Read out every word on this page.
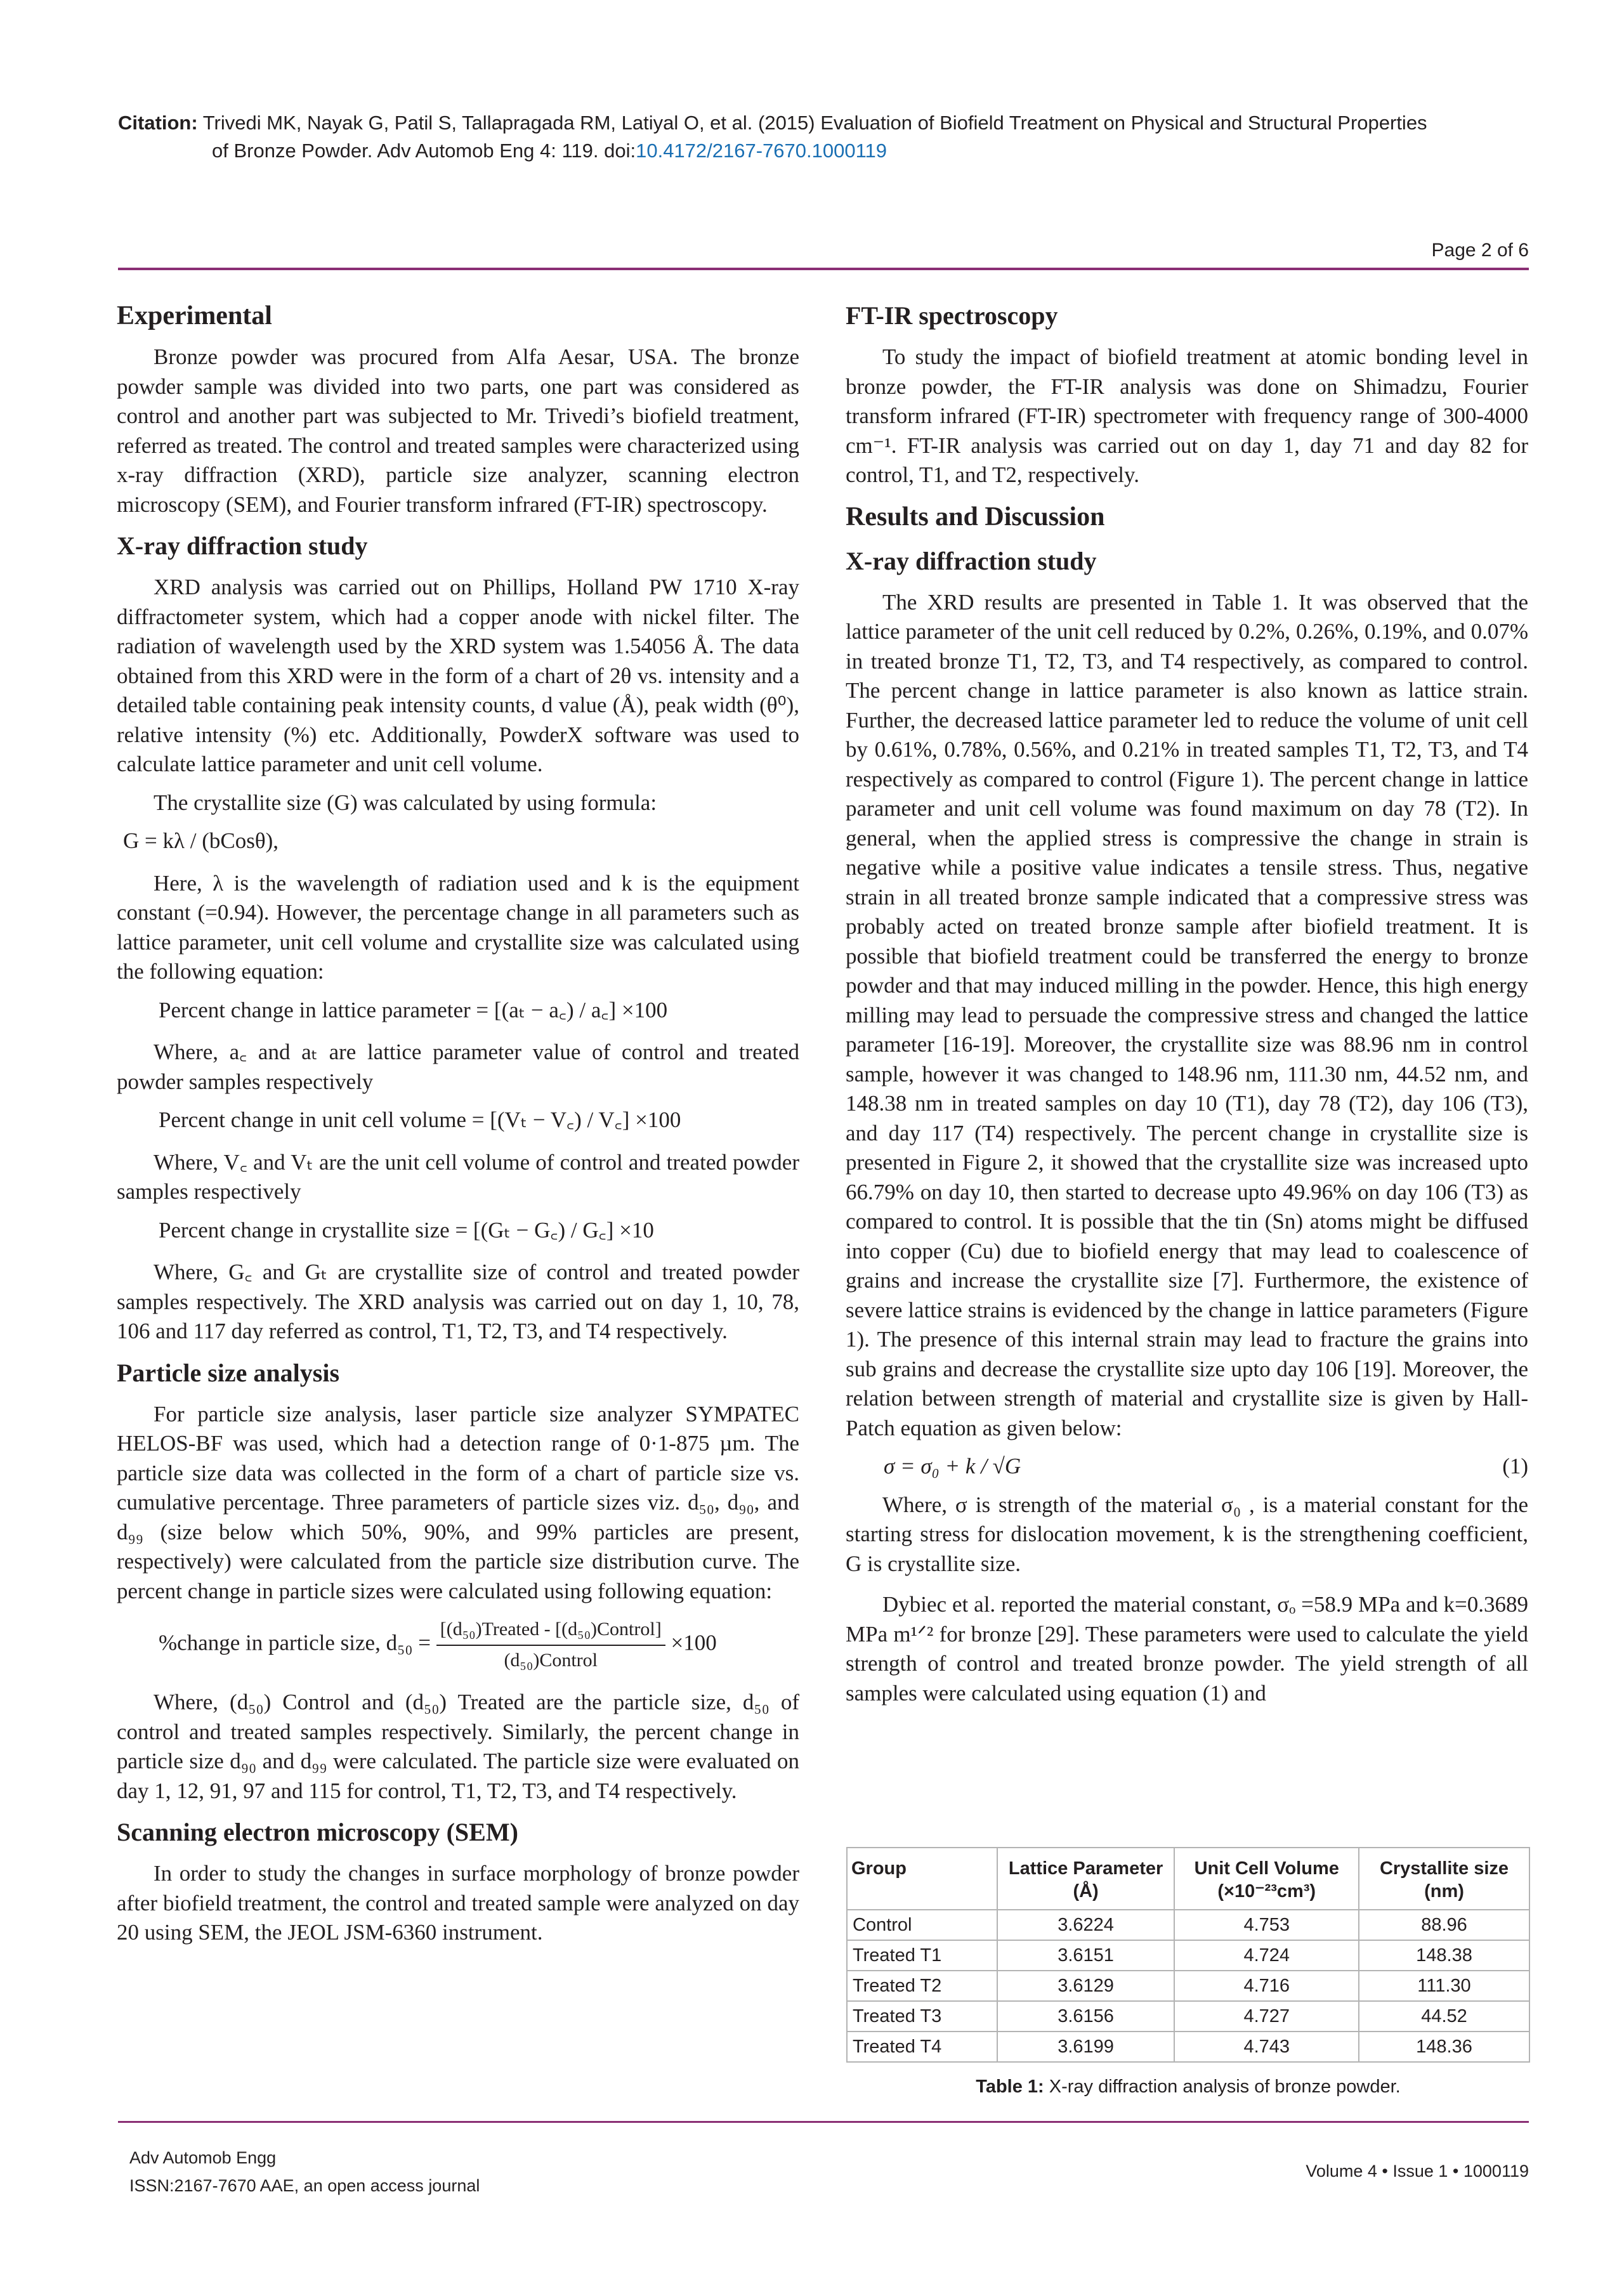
Citation: Trivedi MK, Nayak G, Patil S, Tallapragada RM, Latiyal O, et al. (2015) Evaluation of Biofield Treatment on Physical and Structural Properties
of Bronze Powder. Adv Automob Eng 4: 119. doi:10.4172/2167-7670.1000119
Page 2 of 6
Experimental

Bronze powder was procured from Alfa Aesar, USA. The bronze powder sample was divided into two parts, one part was considered as control and another part was subjected to Mr. Trivedi’s biofield treatment, referred as treated. The control and treated samples were characterized using x-ray diffraction (XRD), particle size analyzer, scanning electron microscopy (SEM), and Fourier transform infrared (FT-IR) spectroscopy.

X-ray diffraction study

XRD analysis was carried out on Phillips, Holland PW 1710 X-ray diffractometer system, which had a copper anode with nickel filter. The radiation of wavelength used by the XRD system was 1.54056 Å. The data obtained from this XRD were in the form of a chart of 2θ vs. intensity and a detailed table containing peak intensity counts, d value (Å), peak width (θ⁰), relative intensity (%) etc. Additionally, PowderX software was used to calculate lattice parameter and unit cell volume.

The crystallite size (G) was calculated by using formula:

G = kλ / (bCosθ),

Here, λ is the wavelength of radiation used and k is the equipment constant (=0.94). However, the percentage change in all parameters such as lattice parameter, unit cell volume and crystallite size was calculated using the following equation:

Percent change in lattice parameter = [(aₜ − a꜀) / a꜀] ×100

Where, a꜀ and aₜ are lattice parameter value of control and treated powder samples respectively

Percent change in unit cell volume = [(Vₜ − V꜀) / V꜀] ×100

Where, V꜀ and Vₜ are the unit cell volume of control and treated powder samples respectively

Percent change in crystallite size = [(Gₜ − G꜀) / G꜀] ×10

Where, G꜀ and Gₜ are crystallite size of control and treated powder samples respectively. The XRD analysis was carried out on day 1, 10, 78, 106 and 117 day referred as control, T1, T2, T3, and T4 respectively.

Particle size analysis

For particle size analysis, laser particle size analyzer SYMPATEC HELOS-BF was used, which had a detection range of 0·1-875 µm. The particle size data was collected in the form of a chart of particle size vs. cumulative percentage. Three parameters of particle sizes viz. d₅₀, d₉₀, and d₉₉ (size below which 50%, 90%, and 99% particles are present, respectively) were calculated from the particle size distribution curve. The percent change in particle sizes were calculated using following equation:

%change in particle size, $d_{50} = \frac{\text{[(d₅₀)Treated - [(d₅₀)Control]}}{\text{(d₅₀)Control}} \times 100$

Where, (d₅₀) Control and (d₅₀) Treated are the particle size, d₅₀ of control and treated samples respectively. Similarly, the percent change in particle size d₉₀ and d₉₉ were calculated. The particle size were evaluated on day 1, 12, 91, 97 and 115 for control, T1, T2, T3, and T4 respectively.

Scanning electron microscopy (SEM)

In order to study the changes in surface morphology of bronze powder after biofield treatment, the control and treated sample were analyzed on day 20 using SEM, the JEOL JSM-6360 instrument.

FT-IR spectroscopy

To study the impact of biofield treatment at atomic bonding level in bronze powder, the FT-IR analysis was done on Shimadzu, Fourier transform infrared (FT-IR) spectrometer with frequency range of 300-4000 cm⁻¹. FT-IR analysis was carried out on day 1, day 71 and day 82 for control, T1, and T2, respectively.

Results and Discussion
X-ray diffraction study

The XRD results are presented in Table 1. It was observed that the lattice parameter of the unit cell reduced by 0.2%, 0.26%, 0.19%, and 0.07% in treated bronze T1, T2, T3, and T4 respectively, as compared to control. The percent change in lattice parameter is also known as lattice strain. Further, the decreased lattice parameter led to reduce the volume of unit cell by 0.61%, 0.78%, 0.56%, and 0.21% in treated samples T1, T2, T3, and T4 respectively as compared to control (Figure 1). The percent change in lattice parameter and unit cell volume was found maximum on day 78 (T2). In general, when the applied stress is compressive the change in strain is negative while a positive value indicates a tensile stress. Thus, negative strain in all treated bronze sample indicated that a compressive stress was probably acted on treated bronze sample after biofield treatment. It is possible that biofield treatment could be transferred the energy to bronze powder and that may induced milling in the powder. Hence, this high energy milling may lead to persuade the compressive stress and changed the lattice parameter [16-19]. Moreover, the crystallite size was 88.96 nm in control sample, however it was changed to 148.96 nm, 111.30 nm, 44.52 nm, and 148.38 nm in treated samples on day 10 (T1), day 78 (T2), day 106 (T3), and day 117 (T4) respectively. The percent change in crystallite size is presented in Figure 2, it showed that the crystallite size was increased upto 66.79% on day 10, then started to decrease upto 49.96% on day 106 (T3) as compared to control. It is possible that the tin (Sn) atoms might be diffused into copper (Cu) due to biofield energy that may lead to coalescence of grains and increase the crystallite size [7]. Furthermore, the existence of severe lattice strains is evidenced by the change in lattice parameters (Figure 1). The presence of this internal strain may lead to fracture the grains into sub grains and decrease the crystallite size upto day 106 [19]. Moreover, the relation between strength of material and crystallite size is given by Hall-Patch equation as given below:

σ = σ₀ + k / √G	(1)

Where, σ is strength of the material σ₀ , is a material constant for the starting stress for dislocation movement, k is the strengthening coefficient, G is crystallite size.

Dybiec et al. reported the material constant, σₒ =58.9 MPa and k=0.3689 MPa m¹ᐟ² for bronze [29]. These parameters were used to calculate the yield strength of control and treated bronze powder. The yield strength of all samples were calculated using equation (1) and

Group	Lattice Parameter (Å)	Unit Cell Volume (×10⁻²³cm³)	Crystallite size (nm)
Control	3.6224	4.753	88.96
Treated T1	3.6151	4.724	148.38
Treated T2	3.6129	4.716	111.30
Treated T3	3.6156	4.727	44.52
Treated T4	3.6199	4.743	148.36
Table 1: X-ray diffraction analysis of bronze powder.
Adv Automob Engg
ISSN:2167-7670 AAE, an open access journal
Volume 4 • Issue 1 • 1000119
